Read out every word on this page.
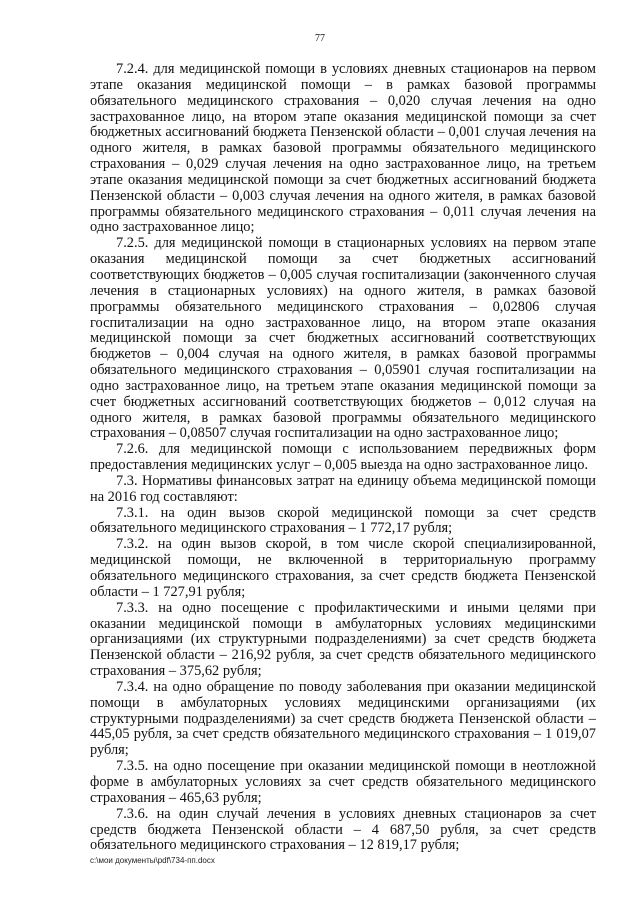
77

7.2.4. для медицинской помощи в условиях дневных стационаров на первом этапе оказания медицинской помощи – в рамках базовой программы обязательного медицинского страхования – 0,020 случая лечения на одно застрахованное лицо, на втором этапе оказания медицинской помощи за счет бюджетных ассигнований бюджета Пензенской области – 0,001 случая лечения на одного жителя, в рамках базовой программы обязательного медицинского страхования – 0,029 случая лечения на одно застрахованное лицо, на третьем этапе оказания медицинской помощи за счет бюджетных ассигнований бюджета Пензенской области – 0,003 случая лечения на одного жителя, в рамках базовой программы обязательного медицинского страхования – 0,011 случая лечения на одно застрахованное лицо;

7.2.5. для медицинской помощи в стационарных условиях на первом этапе оказания медицинской помощи за счет бюджетных ассигнований соответствующих бюджетов – 0,005 случая госпитализации (законченного случая лечения в стационарных условиях) на одного жителя, в рамках базовой программы обязательного медицинского страхования – 0,02806 случая госпитализации на одно застрахованное лицо, на втором этапе оказания медицинской помощи за счет бюджетных ассигнований соответствующих бюджетов – 0,004 случая на одного жителя, в рамках базовой программы обязательного медицинского страхования – 0,05901 случая госпитализации на одно застрахованное лицо, на третьем этапе оказания медицинской помощи за счет бюджетных ассигнований соответствующих бюджетов – 0,012 случая на одного жителя, в рамках базовой программы обязательного медицинского страхования – 0,08507 случая госпитализации на одно застрахованное лицо;

7.2.6. для медицинской помощи с использованием передвижных форм предоставления медицинских услуг – 0,005 выезда на одно застрахованное лицо.

7.3. Нормативы финансовых затрат на единицу объема медицинской помощи на 2016 год составляют:

7.3.1. на один вызов скорой медицинской помощи за счет средств обязательного медицинского страхования – 1 772,17 рубля;

7.3.2. на один вызов скорой, в том числе скорой специализированной, медицинской помощи, не включенной в территориальную программу обязательного медицинского страхования, за счет средств бюджета Пензенской области – 1 727,91 рубля;

7.3.3. на одно посещение с профилактическими и иными целями при оказании медицинской помощи в амбулаторных условиях медицинскими организациями (их структурными подразделениями) за счет средств бюджета Пензенской области – 216,92 рубля, за счет средств обязательного медицинского страхования – 375,62 рубля;

7.3.4. на одно обращение по поводу заболевания при оказании медицинской помощи в амбулаторных условиях медицинскими организациями (их структурными подразделениями) за счет средств бюджета Пензенской области – 445,05 рубля, за счет средств обязательного медицинского страхования – 1 019,07 рубля;

7.3.5. на одно посещение при оказании медицинской помощи в неотложной форме в амбулаторных условиях за счет средств обязательного медицинского страхования – 465,63 рубля;

7.3.6. на один случай лечения в условиях дневных стационаров за счет средств бюджета Пензенской области – 4 687,50 рубля, за счет средств обязательного медицинского страхования – 12 819,17 рубля;

c:\мои документы\pdf\734-пп.docx
